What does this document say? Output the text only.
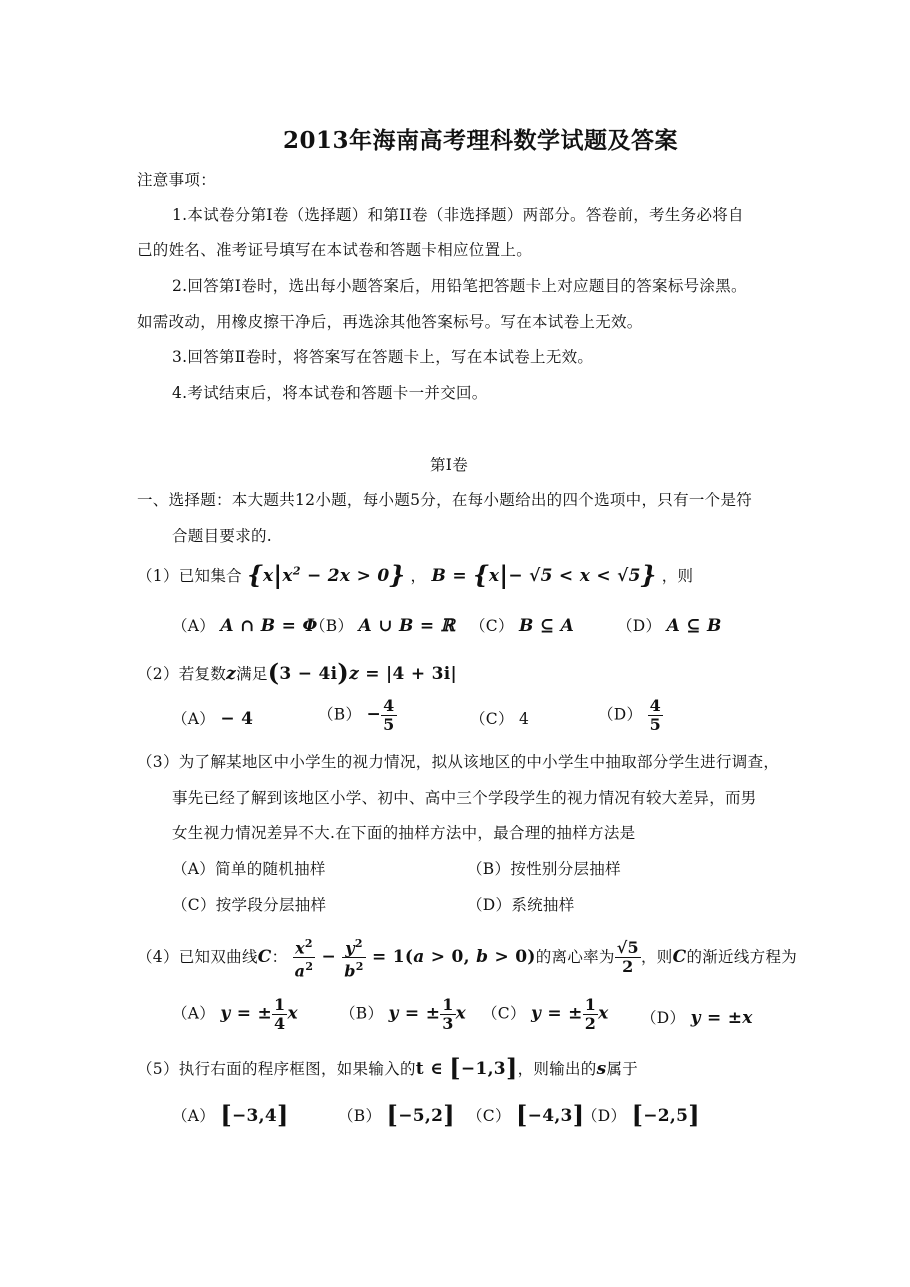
2013年海南高考理科数学试题及答案
注意事项：
1.本试卷分第Ⅰ卷（选择题）和第II卷（非选择题）两部分。答卷前，考生务必将自
己的姓名、准考证号填写在本试卷和答题卡相应位置上。
2.回答第Ⅰ卷时，选出每小题答案后，用铅笔把答题卡上对应题目的答案标号涂黑。
如需改动，用橡皮擦干净后，再选涂其他答案标号。写在本试卷上无效。
3.回答第Ⅱ卷时，将答案写在答题卡上，写在本试卷上无效。
4.考试结束后，将本试卷和答题卡一并交回。
第Ⅰ卷
一、选择题：本大题共12小题，每小题5分，在每小题给出的四个选项中，只有一个是符
合题目要求的.
（1）已知集合 $\{x|x^2 - 2x > 0\}$ ， B = {x|− √5 < x < √5} ，则
（A） A ∩ B = Φ
（B） A ∪ B = ℝ （C） B ⊆ A	（D） A ⊆ B
（2）若复数z满足(3 − 4i)z = |4 + 3i|
（A） − 4	$(B) - \frac{4}{5}$	（C） 4	$(D) \frac{4}{5}$
（3）为了解某地区中小学生的视力情况，拟从该地区的中小学生中抽取部分学生进行调查，
事先已经了解到该地区小学、初中、高中三个学段学生的视力情况有较大差异，而男
女生视力情况差异不大.在下面的抽样方法中，最合理的抽样方法是
（A）简单的随机抽样	（B）按性别分层抽样
（C）按学段分层抽样	（D）系统抽样
（4）已知双曲线C： $\frac{x^2}{a^2} - \frac{y^2}{b^2} = 1(a > 0$, b > 0)的离心率为 $\frac{√5}{2}$ ，则C的渐近线方程为
（A） y = ± $\frac{1}{4}$ x	（B） y = ± $\frac{1}{3}$ x （C） y = ± $\frac{1}{2}$ x （D） y = ±x
（5）执行右面的程序框图，如果输入的t ∈ [−1,3]，则输出的s属于
（A） [−3,4]	（B） [−5,2] （C） [−4,3]
（D） [−2,5]
